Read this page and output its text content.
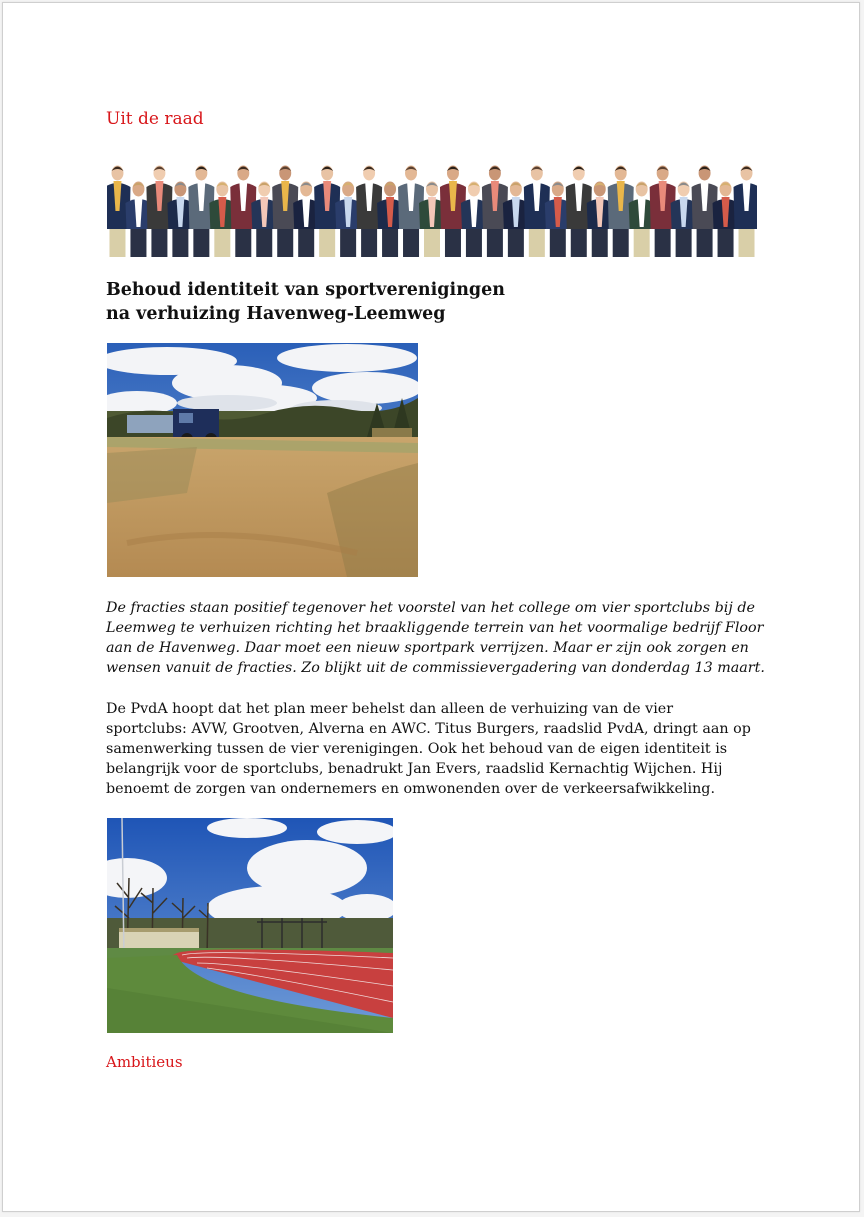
Uit de raad
Behoud identiteit van sportverenigingen
na verhuizing Havenweg-Leemweg

De fracties staan positief tegenover het voorstel van het college om vier sportclubs bij de
Leemweg te verhuizen richting het braakliggende terrein van het voormalige bedrijf Floor
aan de Havenweg. Daar moet een nieuw sportpark verrijzen. Maar er zijn ook zorgen en
wensen vanuit de fracties. Zo blijkt uit de commissievergadering van donderdag 13 maart.

De PvdA hoopt dat het plan meer behelst dan alleen de verhuizing van de vier
sportclubs: AVW, Grootven, Alverna en AWC. Titus Burgers, raadslid PvdA, dringt aan op
samenwerking tussen de vier verenigingen. Ook het behoud van de eigen identiteit is
belangrijk voor de sportclubs, benadrukt Jan Evers, raadslid Kernachtig Wijchen. Hij
benoemt de zorgen van ondernemers en omwonenden over de verkeersafwikkeling.

Ambitieus
